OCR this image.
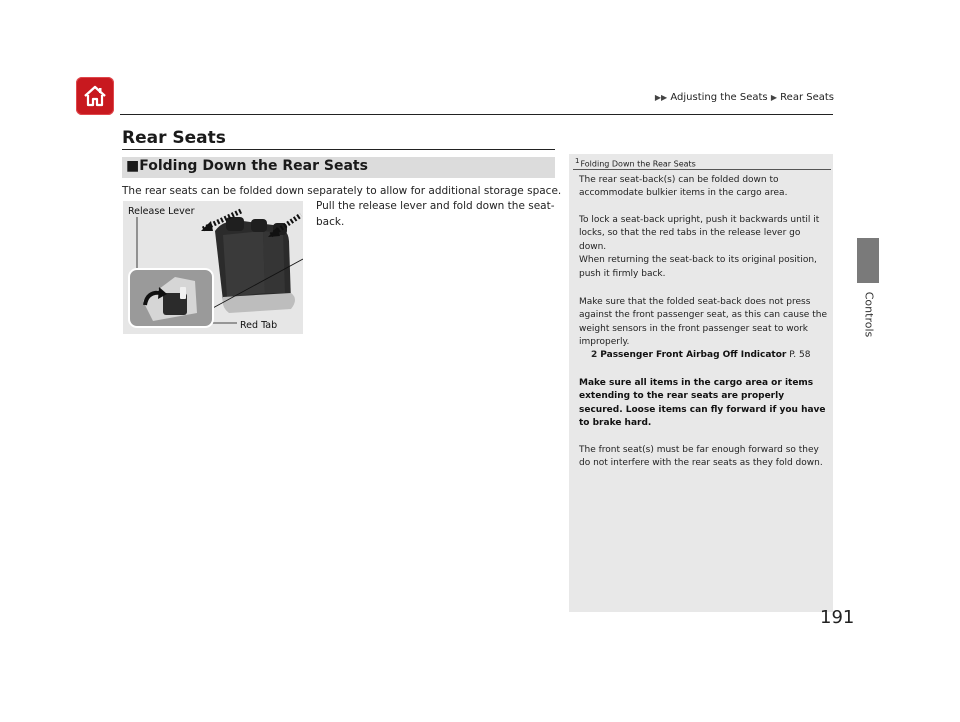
▶▶ Adjusting the Seats ▶ Rear Seats
Controls
Rear Seats
■Folding Down the Rear Seats
The rear seats can be folded down separately to allow for additional storage space.
Pull the release lever and fold down the seat-back.
Release Lever
Red Tab
1Folding Down the Rear Seats
The rear seat-back(s) can be folded down to accommodate bulkier items in the cargo area.
To lock a seat-back upright, push it backwards until it locks, so that the red tabs in the release lever go down.
When returning the seat-back to its original position, push it firmly back.
Make sure that the folded seat-back does not press against the front passenger seat, as this can cause the weight sensors in the front passenger seat to work improperly.
2 Passenger Front Airbag Off Indicator P. 58
Make sure all items in the cargo area or items extending to the rear seats are properly secured. Loose items can fly forward if you have to brake hard.
The front seat(s) must be far enough forward so they do not interfere with the rear seats as they fold down.
191
